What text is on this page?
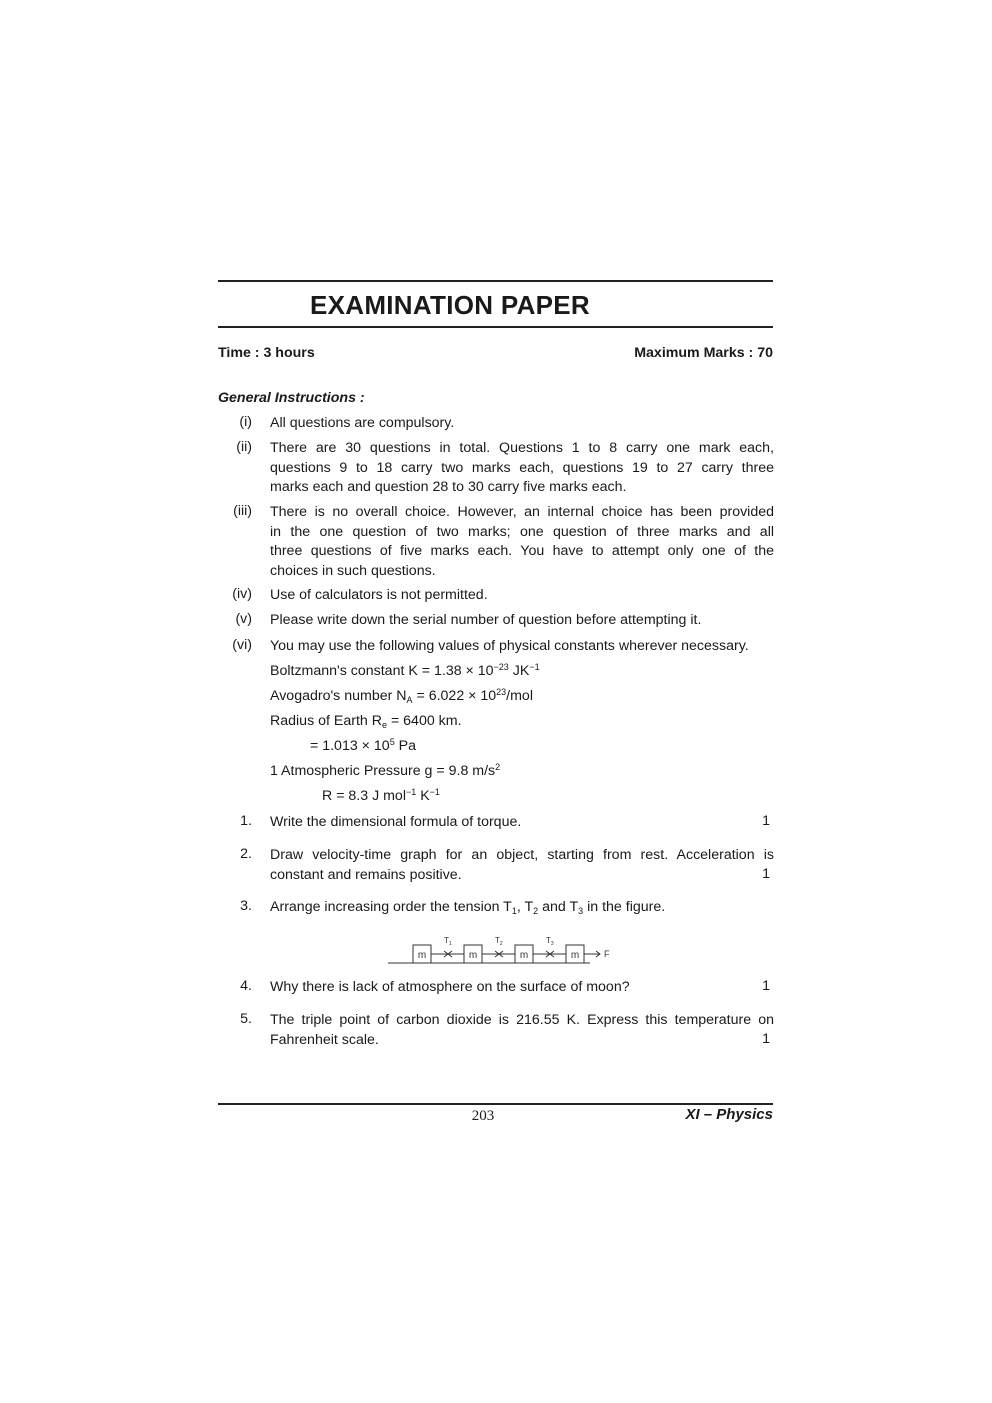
EXAMINATION PAPER
Time : 3 hours	Maximum Marks : 70
General Instructions :
(i) All questions are compulsory.
(ii) There are 30 questions in total. Questions 1 to 8 carry one mark each,
questions 9 to 18 carry two marks each, questions 19 to 27 carry three
marks each and question 28 to 30 carry five marks each.
(iii) There is no overall choice. However, an internal choice has been provided
in the one question of two marks; one question of three marks and all
three questions of five marks each. You have to attempt only one of the
choices in such questions.
(iv) Use of calculators is not permitted.
(v) Please write down the serial number of question before attempting it.
(vi) You may use the following values of physical constants wherever necessary.
Boltzmann's constant $K = 1.38 \times 10^{-23}$ $JK^{-1}$
Avogadro's number $N_A = 6.022 \times 10^{23}/mol$
Radius of Earth $R_e = 6400$ km.
= $1.013 \times 10^5$ Pa
1 Atmospheric Pressure g = 9.8 $m/s^2$
R = 8.3 J mol$^{-1}$ $K^{-1}$
1. Write the dimensional formula of torque.	1
2. Draw velocity-time graph for an object, starting from rest. Acceleration is
constant and remains positive.	1
4. Why there is lack of atmosphere on the surface of moon?	1
5. The triple point of carbon dioxide is 216.55 K. Express this temperature on
Fahrenheit scale.	1
3. Arrange increasing order the tension $T_1$, $T_2$ and $T_3$ in the figure.
m	m	m	m
$T_1$	$T_2$	$T_3$
F
203	XI – Physics
